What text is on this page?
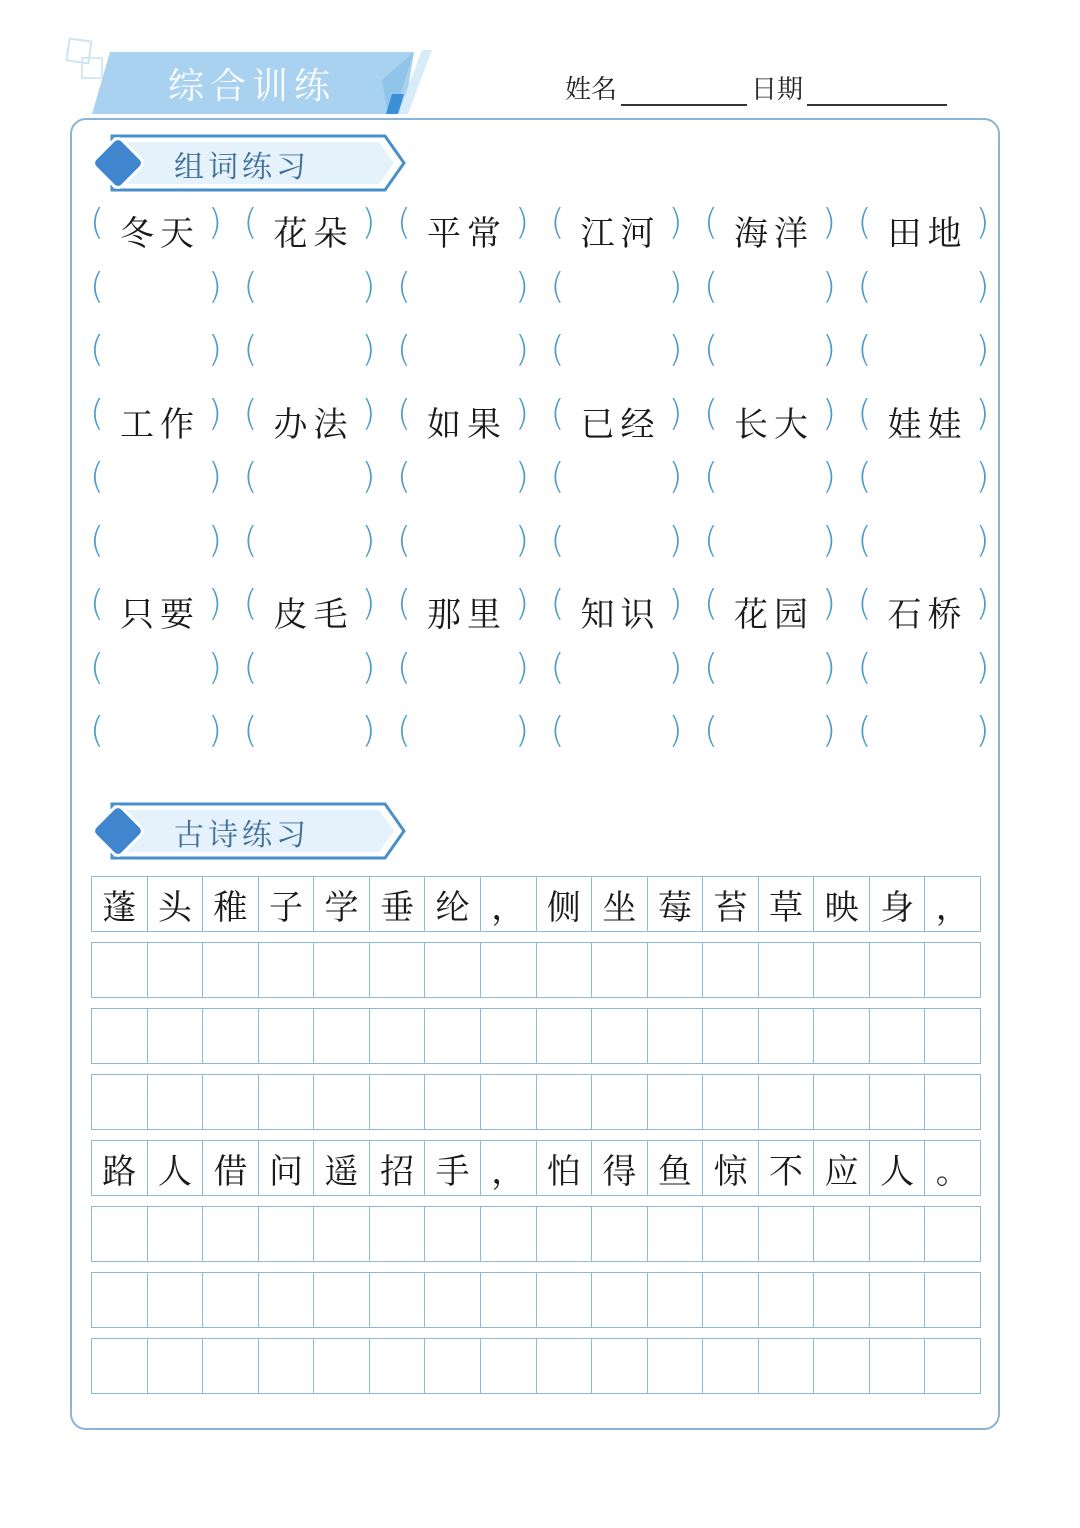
综合训练	姓名	日期
组词练习
( 冬天 ) ( 花朵 ) ( 平常 ) ( 江河 ) ( 海洋 ) ( 田地 )
(	) (	) (	) (	) (	) (	)
(	) (	) (	) (	) (	) (	)
( 工作 ) ( 办法 ) ( 如果 ) ( 已经 ) ( 长大 ) ( 娃娃 )
(	) (	) (	) (	) (	) (	)
(	) (	) (	) (	) (	) (	)
( 只要 ) ( 皮毛 ) ( 那里 ) ( 知识 ) ( 花园 ) ( 石桥 )
(	) (	) (	) (	) (	) (	)
(	) (	) (	) (	) (	) (	)
古诗练习
蓬 头 稚 子 学 垂 纶 ， 侧 坐 莓 苔 草 映 身 ，
路 人 借 问 遥 招 手 ， 怕 得 鱼 惊 不 应 人 。
